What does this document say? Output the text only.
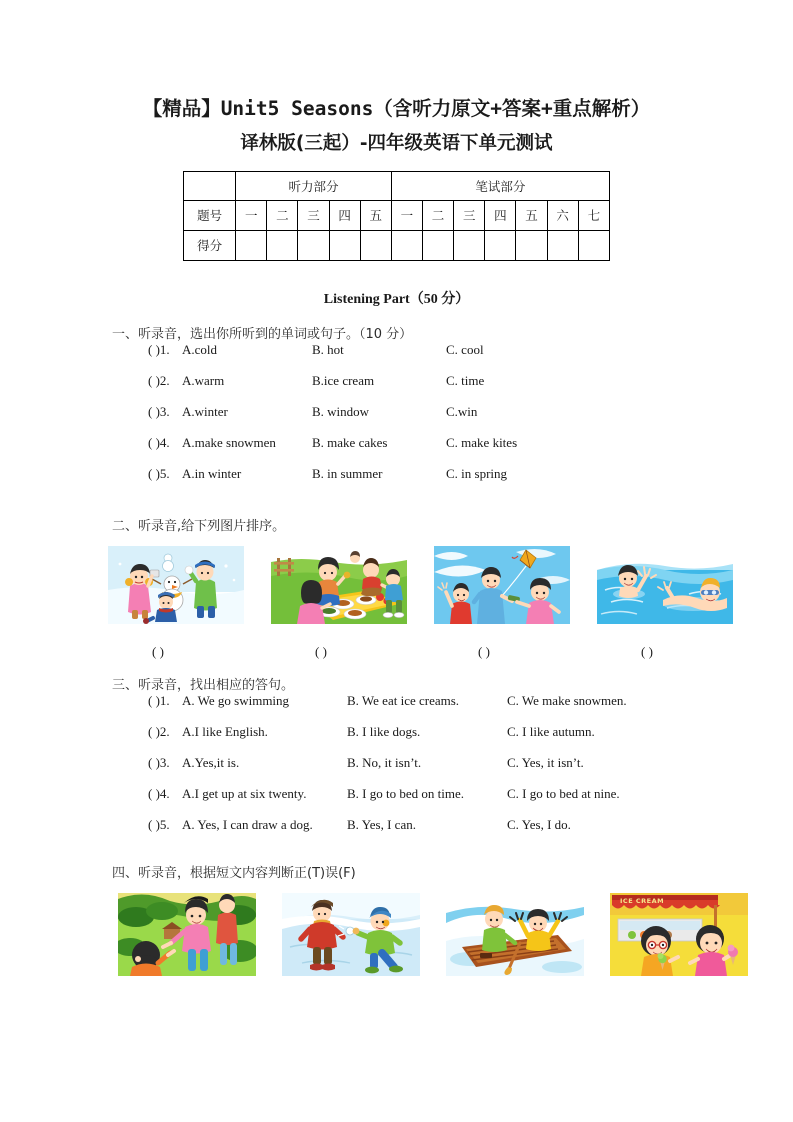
【精品】Unit5 Seasons（含听力原文+答案+重点解析）
译林版(三起）-四年级英语下单元测试
	听力部分					笔试部分						
题号	一	二	三	四	五	一	二	三	四	五	六	七
得分												
Listening Part（50 分）
一、听录音，选出你所听到的单词或句子。（10 分）
( )1. A.cold	B. hot	C. cool
( )2. A.warm	B.ice cream	C. time
( )3. A.winter	B. window	C.win
( )4. A.make snowmen	B. make cakes	C. make kites
( )5. A.in winter	B. in summer	C. in spring
二、听录音,给下列图片排序。
( )	( )	( )	( )
三、听录音，找出相应的答句。
( )1. A. We go swimming	B. We eat ice creams.	C. We make snowmen.
( )2. A.I like English.	B. I like dogs.	C. I like autumn.
( )3. A.Yes,it is.	B. No, it isn’t.	C. Yes, it isn’t.
( )4. A.I get up at six twenty.	B. I go to bed on time.	C. I go to bed at nine.
( )5. A. Yes, I can draw a dog.	B. Yes, I can.	C. Yes, I do.
四、听录音，根据短文内容判断正(T)误(F)
ICE CREAM
